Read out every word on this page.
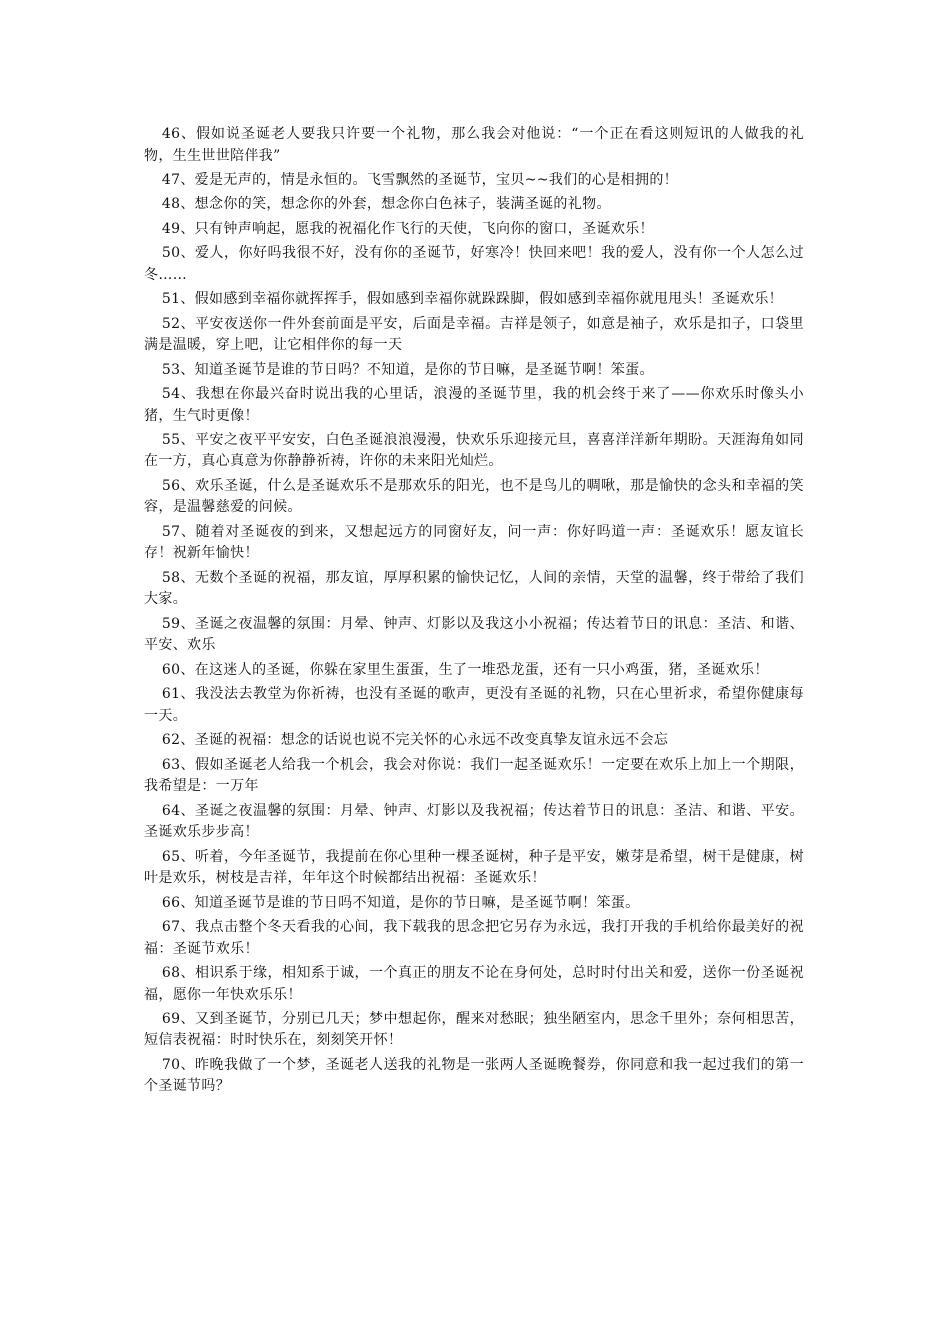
46、假如说圣诞老人要我只许要一个礼物，那么我会对他说：“一个正在看这则短讯的人做我的礼物，生生世世陪伴我”

47、爱是无声的，情是永恒的。飞雪飘然的圣诞节，宝贝~~我们的心是相拥的！

48、想念你的笑，想念你的外套，想念你白色袜子，装满圣诞的礼物。

49、只有钟声响起，愿我的祝福化作飞行的天使，飞向你的窗口，圣诞欢乐！

50、爱人，你好吗我很不好，没有你的圣诞节，好寒冷！快回来吧！我的爱人，没有你一个人怎么过冬……

51、假如感到幸福你就挥挥手，假如感到幸福你就跺跺脚，假如感到幸福你就甩甩头！圣诞欢乐！

52、平安夜送你一件外套前面是平安，后面是幸福。吉祥是领子，如意是袖子，欢乐是扣子，口袋里满是温暖，穿上吧，让它相伴你的每一天

53、知道圣诞节是谁的节日吗？不知道，是你的节日嘛，是圣诞节啊！笨蛋。

54、我想在你最兴奋时说出我的心里话，浪漫的圣诞节里，我的机会终于来了——你欢乐时像头小猪，生气时更像！

55、平安之夜平平安安，白色圣诞浪浪漫漫，快欢乐乐迎接元旦，喜喜洋洋新年期盼。天涯海角如同在一方，真心真意为你静静祈祷，许你的未来阳光灿烂。

56、欢乐圣诞，什么是圣诞欢乐不是那欢乐的阳光，也不是鸟儿的啁啾，那是愉快的念头和幸福的笑容，是温馨慈爱的问候。

57、随着对圣诞夜的到来，又想起远方的同窗好友，问一声：你好吗道一声：圣诞欢乐！愿友谊长存！祝新年愉快！

58、无数个圣诞的祝福，那友谊，厚厚积累的愉快记忆，人间的亲情，天堂的温馨，终于带给了我们大家。

59、圣诞之夜温馨的氛围：月晕、钟声、灯影以及我这小小祝福；传达着节日的讯息：圣洁、和谐、平安、欢乐

60、在这迷人的圣诞，你躲在家里生蛋蛋，生了一堆恐龙蛋，还有一只小鸡蛋，猪，圣诞欢乐！

61、我没法去教堂为你祈祷，也没有圣诞的歌声，更没有圣诞的礼物，只在心里祈求，希望你健康每一天。

62、圣诞的祝福：想念的话说也说不完关怀的心永远不改变真挚友谊永远不会忘

63、假如圣诞老人给我一个机会，我会对你说：我们一起圣诞欢乐！一定要在欢乐上加上一个期限，我希望是：一万年

64、圣诞之夜温馨的氛围：月晕、钟声、灯影以及我祝福；传达着节日的讯息：圣洁、和谐、平安。圣诞欢乐步步高！

65、听着，今年圣诞节，我提前在你心里种一棵圣诞树，种子是平安，嫩芽是希望，树干是健康，树叶是欢乐，树枝是吉祥，年年这个时候都结出祝福：圣诞欢乐！

66、知道圣诞节是谁的节日吗不知道，是你的节日嘛，是圣诞节啊！笨蛋。

67、我点击整个冬天看我的心间，我下载我的思念把它另存为永远，我打开我的手机给你最美好的祝福：圣诞节欢乐！

68、相识系于缘，相知系于诚，一个真正的朋友不论在身何处，总时时付出关和爱，送你一份圣诞祝福，愿你一年快欢乐乐！

69、又到圣诞节，分别已几天；梦中想起你，醒来对愁眠；独坐陋室内，思念千里外；奈何相思苦，短信表祝福：时时快乐在，刻刻笑开怀！

70、昨晚我做了一个梦，圣诞老人送我的礼物是一张两人圣诞晚餐券，你同意和我一起过我们的第一个圣诞节吗？
